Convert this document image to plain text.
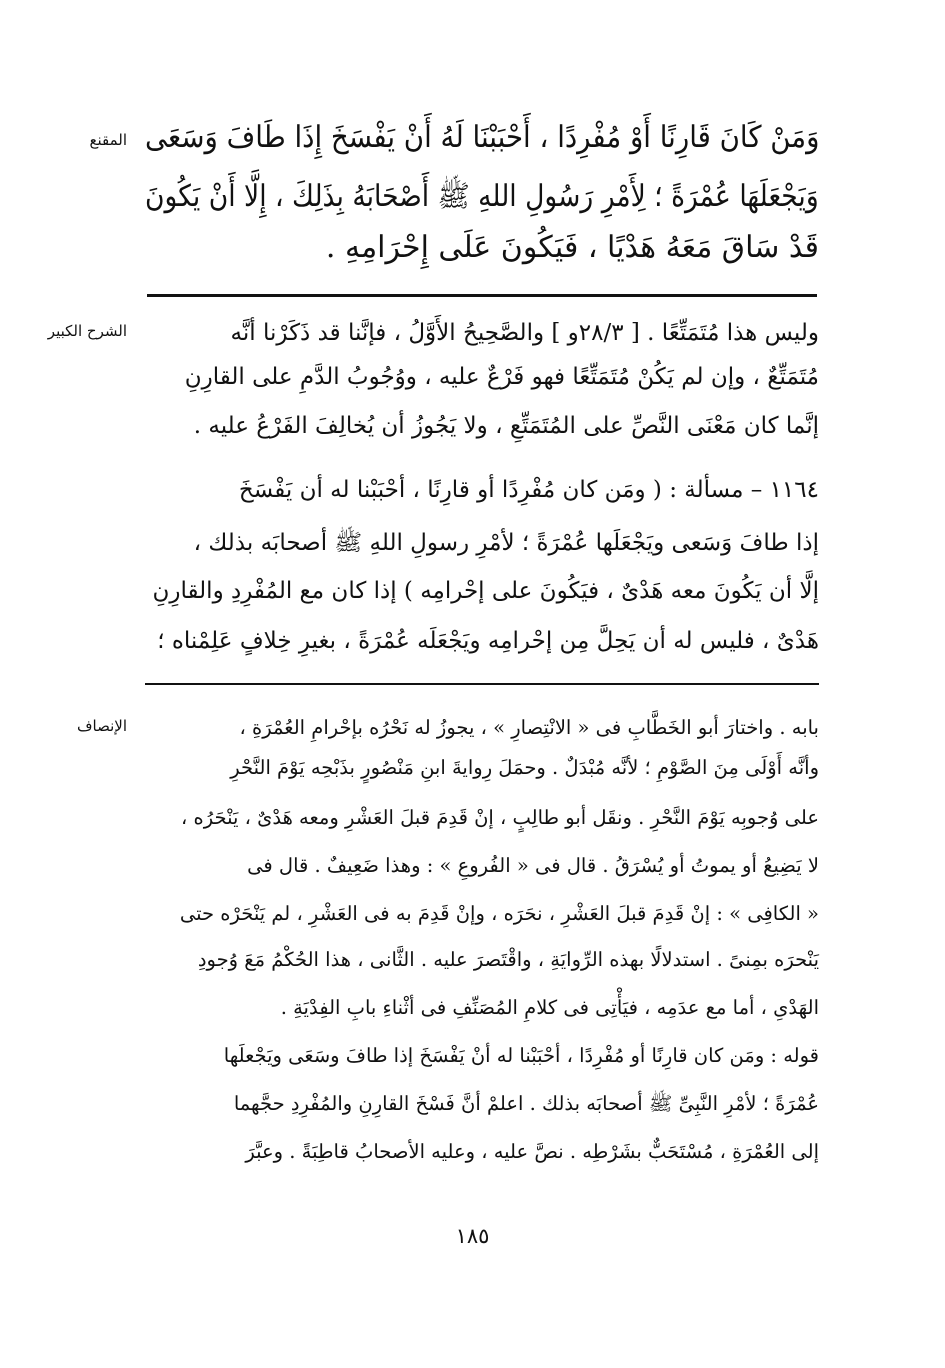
المقنع وَمَنْ كَانَ قَارِنًا أَوْ مُفْرِدًا ، أَحْبَبْنَا لَهُ أَنْ يَفْسَخَ إِذَا طَافَ وَسَعَى
وَيَجْعَلَهَا عُمْرَةً ؛ لِأَمْرِ رَسُولِ اللهِ ﷺ أَصْحَابَهُ بِذَلِكَ ، إِلَّا أَنْ يَكُونَ
قَدْ سَاقَ مَعَهُ هَدْيًا ، فَيَكُونَ عَلَى إِحْرَامِهِ .
الشرح الكبير	وليس هذا مُتَمَتِّعًا . [ ٢٨/٣و ] والصَّحِيحُ الأَوَّلُ ، فإنَّنا قد ذَكَرْنا أنَّه
مُتَمَتِّعٌ ، وإن لم يَكُنْ مُتَمَتِّعًا فهو فَرْعٌ عليه ، ووُجُوبُ الدَّمِ على القارِنِ
إنَّما كان مَعْنَى النَّصِّ على المُتَمَتِّعِ ، ولا يَجُوزُ أن يُخالِفَ الفَرْعُ عليه .
١١٦٤ – مسألة : ( ومَن كان مُفْرِدًا أو قارِنًا ، أحْبَبْنا له أن يَفْسَخَ
إذا طافَ وَسَعى ويَجْعَلَها عُمْرَةً ؛ لأمْرِ رسولِ اللهِ ﷺ أصحابَه بذلك ،
إلَّا أن يَكُونَ معه هَدْىٌ ، فيَكُونَ على إحْرامِه ) إذا كان مع المُفْرِدِ والقارِنِ
هَدْىٌ ، فليس له أن يَحِلَّ مِن إحْرامِه ويَجْعَلَه عُمْرَةً ، بغيرِ خِلافٍ عَلِمْناه ؛
الإنصاف	بابه . واختارَ أبو الخَطَّابِ فى « الانْتِصارِ » ، يجوزُ له نَحْرُه بإحْرامِ العُمْرَةِ ،
وأنَّه أَوْلَى مِنَ الصَّوْمِ ؛ لأنَّه مُبْدَلٌ . وحمَلَ رِوايةَ ابنِ مَنْصُورٍ بذَبْحِه يَوْمَ النَّحْرِ
على وُجوبِه يَوْمَ النَّحْرِ . ونقَل أبو طالِبٍ ، إنْ قَدِمَ قبلَ العَشْرِ ومعه هَدْىٌ ، يَنْحَرُه ،
لا يَضِيعُ أو يموتُ أو يُسْرَقُ . قال فى « الفُروعِ » : وهذا ضَعِيفٌ . قال فى
« الكافِى » : إنْ قَدِمَ قبلَ العَشْرِ ، نحَرَه ، وإنْ قَدِمَ به فى العَشْرِ ، لم يَنْحَرْه حتى
يَنْحرَه بمِنىً . استدلالًا بهذه الرِّوايَةِ ، واقْتَصرَ عليه . الثَّانى ، هذا الحُكْمُ مَعَ وُجودِ
الهَدْىِ ، أما مع عدَمِه ، فيَأْتِى فى كلامِ المُصَنِّفِ فى أثْناءِ بابِ الفِدْيَةِ .
قوله : ومَن كان قارِنًا أو مُفْرِدًا ، أحْبَبْنا له أنْ يَفْسَخَ إذا طافَ وسَعَى ويَجْعلَها
عُمْرَةً ؛ لأمْرِ النَّبِىِّ ﷺ أصحابَه بذلك . اعلمْ أنَّ فَسْخَ القارِنِ والمُفْرِدِ حجَّهما
إلى العُمْرَةِ ، مُسْتَحَبٌّ بشَرْطِه . نصَّ عليه ، وعليه الأصحابُ قاطِبَةً . وعبَّرَ
١٨٥
